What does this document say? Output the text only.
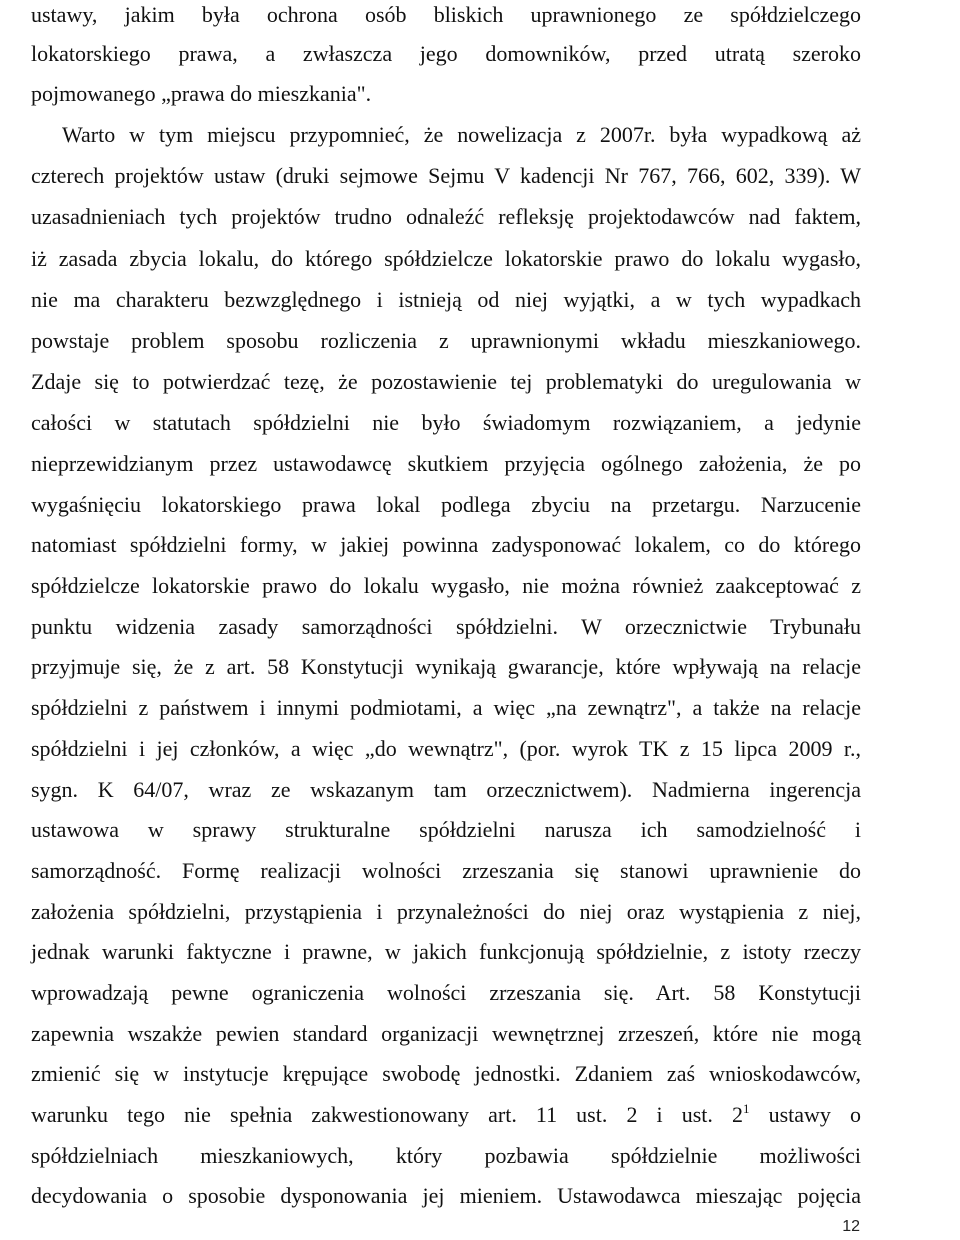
ustawy, jakim była ochrona osób bliskich uprawnionego ze spółdzielczego
lokatorskiego prawa, a zwłaszcza jego domowników, przed utratą szeroko
pojmowanego „prawa do mieszkania".
Warto w tym miejscu przypomnieć, że nowelizacja z 2007r. była wypadkową aż
czterech projektów ustaw (druki sejmowe Sejmu V kadencji Nr 767, 766, 602, 339). W
uzasadnieniach tych projektów trudno odnaleźć refleksję projektodawców nad faktem,
iż zasada zbycia lokalu, do którego spółdzielcze lokatorskie prawo do lokalu wygasło,
nie ma charakteru bezwzględnego i istnieją od niej wyjątki, a w tych wypadkach
powstaje problem sposobu rozliczenia z uprawnionymi wkładu mieszkaniowego.
Zdaje się to potwierdzać tezę, że pozostawienie tej problematyki do uregulowania w
całości w statutach spółdzielni nie było świadomym rozwiązaniem, a jedynie
nieprzewidzianym przez ustawodawcę skutkiem przyjęcia ogólnego założenia, że po
wygaśnięciu lokatorskiego prawa lokal podlega zbyciu na przetargu. Narzucenie
natomiast spółdzielni formy, w jakiej powinna zadysponować lokalem, co do którego
spółdzielcze lokatorskie prawo do lokalu wygasło, nie można również zaakceptować z
punktu widzenia zasady samorządności spółdzielni. W orzecznictwie Trybunału
przyjmuje się, że z art. 58 Konstytucji wynikają gwarancje, które wpływają na relacje
spółdzielni z państwem i innymi podmiotami, a więc „na zewnątrz", a także na relacje
spółdzielni i jej członków, a więc „do wewnątrz", (por. wyrok TK z 15 lipca 2009 r.,
sygn. K 64/07, wraz ze wskazanym tam orzecznictwem). Nadmierna ingerencja
ustawowa w sprawy strukturalne spółdzielni narusza ich samodzielność i
samorządność. Formę realizacji wolności zrzeszania się stanowi uprawnienie do
założenia spółdzielni, przystąpienia i przynależności do niej oraz wystąpienia z niej,
jednak warunki faktyczne i prawne, w jakich funkcjonują spółdzielnie, z istoty rzeczy
wprowadzają pewne ograniczenia wolności zrzeszania się. Art. 58 Konstytucji
zapewnia wszakże pewien standard organizacji wewnętrznej zrzeszeń, które nie mogą
zmienić się w instytucje krępujące swobodę jednostki. Zdaniem zaś wnioskodawców,
warunku tego nie spełnia zakwestionowany art. 11 ust. 2 i ust. $2^1$ ustawy o
spółdzielniach mieszkaniowych, który pozbawia spółdzielnie możliwości
decydowania o sposobie dysponowania jej mieniem. Ustawodawca mieszając pojęcia
12
